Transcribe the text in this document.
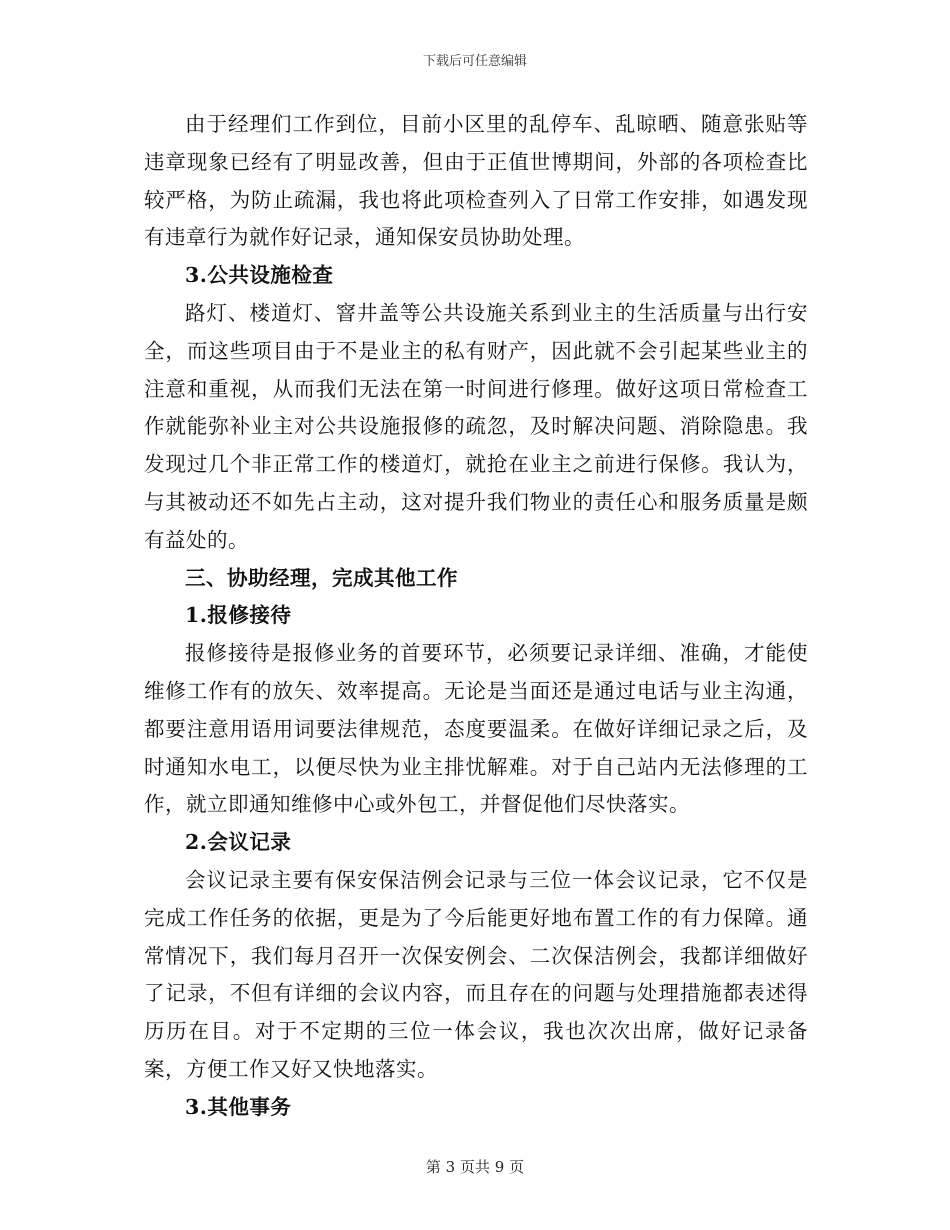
下载后可任意编辑

由于经理们工作到位，目前小区里的乱停车、乱晾晒、随意张贴等违章现象已经有了明显改善，但由于正值世博期间，外部的各项检查比较严格，为防止疏漏，我也将此项检查列入了日常工作安排，如遇发现有违章行为就作好记录，通知保安员协助处理。

3.公共设施检查

路灯、楼道灯、窨井盖等公共设施关系到业主的生活质量与出行安全，而这些项目由于不是业主的私有财产，因此就不会引起某些业主的注意和重视，从而我们无法在第一时间进行修理。做好这项日常检查工作就能弥补业主对公共设施报修的疏忽，及时解决问题、消除隐患。我发现过几个非正常工作的楼道灯，就抢在业主之前进行保修。我认为，与其被动还不如先占主动，这对提升我们物业的责任心和服务质量是颇有益处的。

三、协助经理，完成其他工作

1.报修接待

报修接待是报修业务的首要环节，必须要记录详细、准确，才能使维修工作有的放矢、效率提高。无论是当面还是通过电话与业主沟通，都要注意用语用词要法律规范，态度要温柔。在做好详细记录之后，及时通知水电工，以便尽快为业主排忧解难。对于自己站内无法修理的工作，就立即通知维修中心或外包工，并督促他们尽快落实。

2.会议记录

会议记录主要有保安保洁例会记录与三位一体会议记录，它不仅是完成工作任务的依据，更是为了今后能更好地布置工作的有力保障。通常情况下，我们每月召开一次保安例会、二次保洁例会，我都详细做好了记录，不但有详细的会议内容，而且存在的问题与处理措施都表述得历历在目。对于不定期的三位一体会议，我也次次出席，做好记录备案，方便工作又好又快地落实。

3.其他事务

第 3 页共 9 页
